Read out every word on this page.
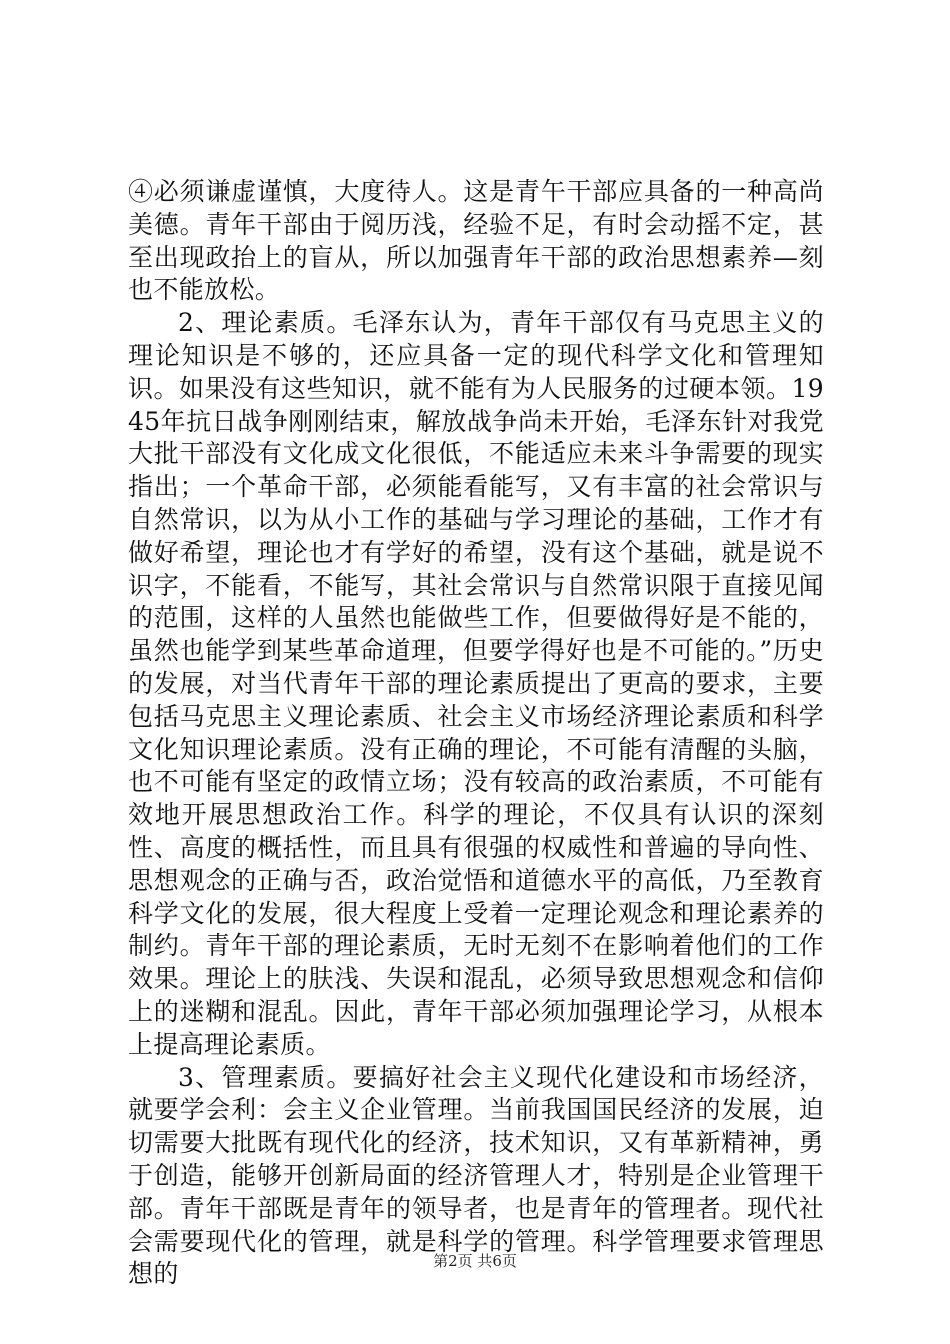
④必须谦虚谨慎，大度待人。这是青午干部应具备的一种高尚美德。青年干部由于阅历浅，经验不足，有时会动摇不定，甚至出现政抬上的盲从，所以加强青年干部的政治思想素养—刻也不能放松。

2、理论素质。毛泽东认为，青年干部仅有马克思主义的理论知识是不够的，还应具备一定的现代科学文化和管理知识。如果没有这些知识，就不能有为人民服务的过硬本领。1945年抗日战争刚刚结束，解放战争尚未开始，毛泽东针对我党大批干部没有文化成文化很低，不能适应未来斗争需要的现实指出；一个革命干部，必须能看能写，又有丰富的社会常识与自然常识，以为从小工作的基础与学习理论的基础，工作才有做好希望，理论也才有学好的希望，没有这个基础，就是说不识字，不能看，不能写，其社会常识与自然常识限于直接见闻的范围，这样的人虽然也能做些工作，但要做得好是不能的，虽然也能学到某些革命道理，但要学得好也是不可能的。”历史的发展，对当代青年干部的理论素质提出了更高的要求，主要包括马克思主义理论素质、社会主义市场经济理论素质和科学文化知识理论素质。没有正确的理论，不可能有清醒的头脑，也不可能有坚定的政情立场；没有较高的政治素质，不可能有效地开展思想政治工作。科学的理论，不仅具有认识的深刻性、高度的概括性，而且具有很强的权威性和普遍的导向性、思想观念的正确与否，政治觉悟和道德水平的高低，乃至教育科学文化的发展，很大程度上受着一定理论观念和理论素养的制约。青年干部的理论素质，无时无刻不在影响着他们的工作效果。理论上的肤浅、失误和混乱，必须导致思想观念和信仰上的迷糊和混乱。因此，青年干部必须加强理论学习，从根本上提高理论素质。

3、管理素质。要搞好社会主义现代化建设和市场经济，就要学会利：会主义企业管理。当前我国国民经济的发展，迫切需要大批既有现代化的经济，技术知识，又有革新精神，勇于创造，能够开创新局面的经济管理人才，特别是企业管理干部。青年干部既是青年的领导者，也是青年的管理者。现代社会需要现代化的管理，就是科学的管理。科学管理要求管理思想的	第2页 共6页
